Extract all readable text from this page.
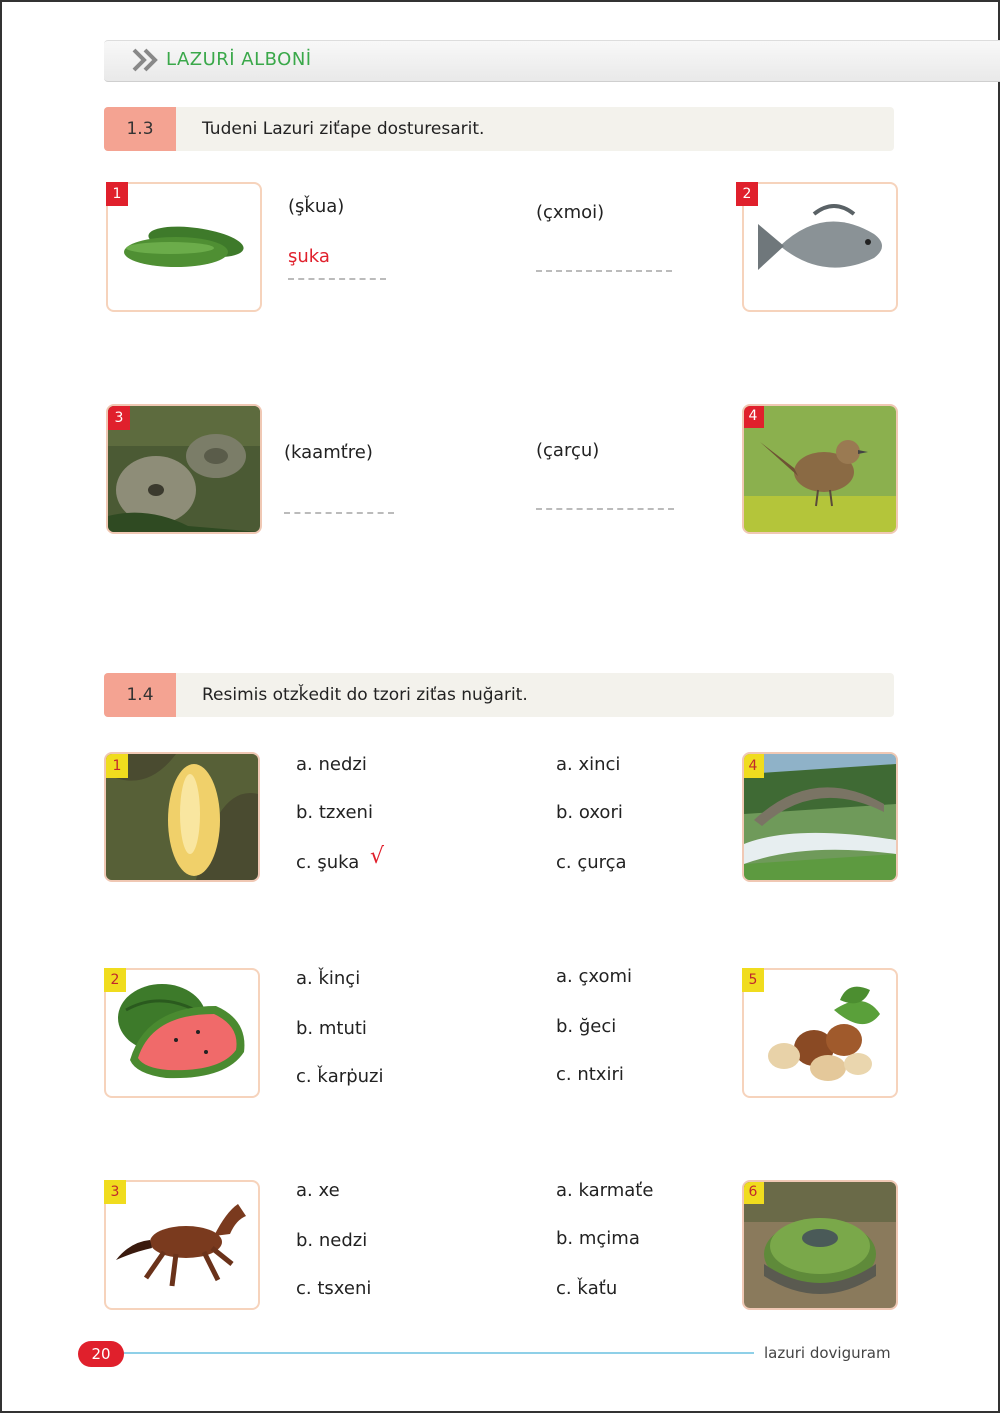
LAZURİ ALBONİ
1.3	Tudeni Lazuri ziťape dosturesarit.
1
(şǩua)
şuka
(çxmoi)
2
3
(kaamťre)	(çarçu)
4
1.4	Resimis otzǩedit do tzori ziťas nuğarit.
1	a. nedzi
b. tzxeni
c. şuka √
a. xinci
b. oxori
c. çurça
4
2	a. ǩinçi
b. mtuti
c. ǩarṗuzi
a. çxomi
b. ğeci
c. ntxiri
5
3	a. xe
b. nedzi
c. tsxeni
a. karmaťe
b. mçima
c. ǩaťu
6
20	lazuri doviguram
